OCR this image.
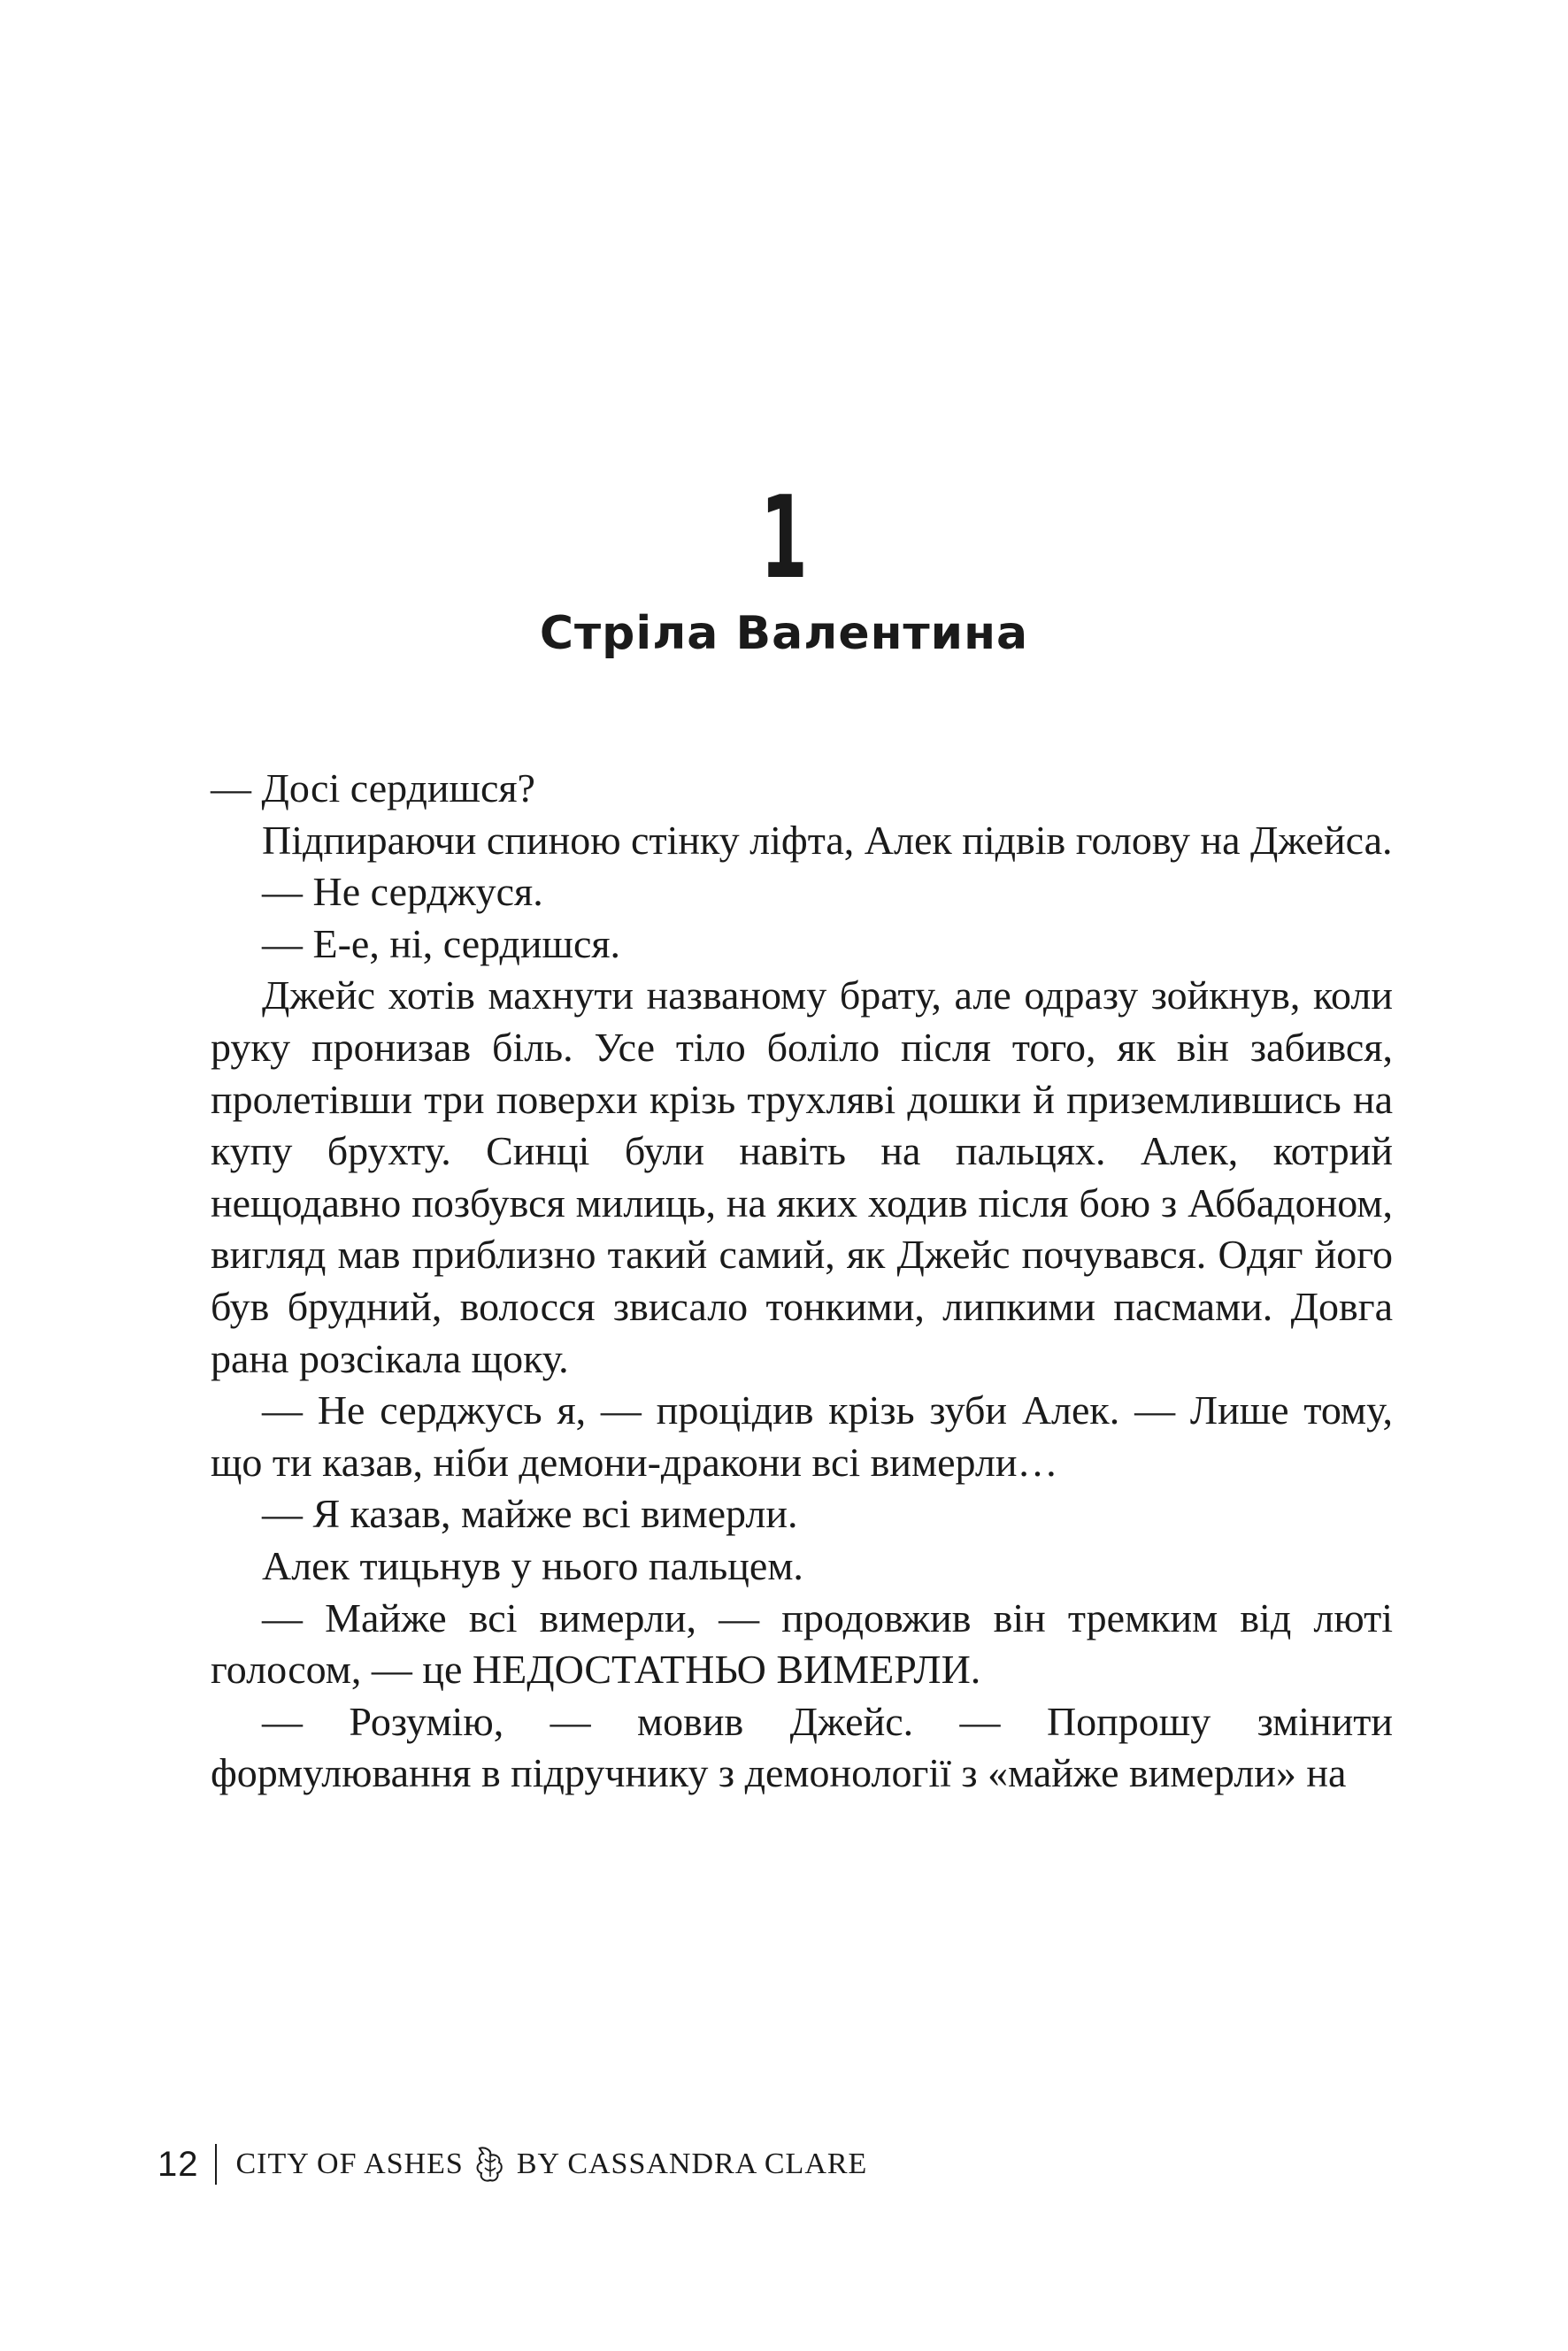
1
Стріла Валентина

— Досі сердишся?

Підпираючи спиною стінку ліфта, Алек підвів голову на Джейса.

— Не серджуся.

— Е-е, ні, сердишся.

Джейс хотів махнути названому брату, але одразу зойкнув, коли руку пронизав біль. Усе тіло боліло після того, як він забився, пролетівши три поверхи крізь трухляві дошки й приземлившись на купу брухту. Синці були навіть на пальцях. Алек, котрий нещодавно позбувся милиць, на яких ходив після бою з Аббадоном, вигляд мав приблизно такий самий, як Джейс почувався. Одяг його був брудний, волосся звисало тонкими, липкими пасмами. Довга рана розсікала щоку.

— Не серджусь я, — процідив крізь зуби Алек. — Лише тому, що ти казав, ніби демони-дракони всі вимерли…

— Я казав, майже всі вимерли.

Алек тицьнув у нього пальцем.

— Майже всі вимерли, — продовжив він тремким від люті голосом, — це НЕДОСТАТНЬО ВИМЕРЛИ.

— Розумію, — мовив Джейс. — Попрошу змінити формулювання в підручнику з демонології з «майже вимерли» на

12 CITY OF ASHES BY CASSANDRA CLARE
